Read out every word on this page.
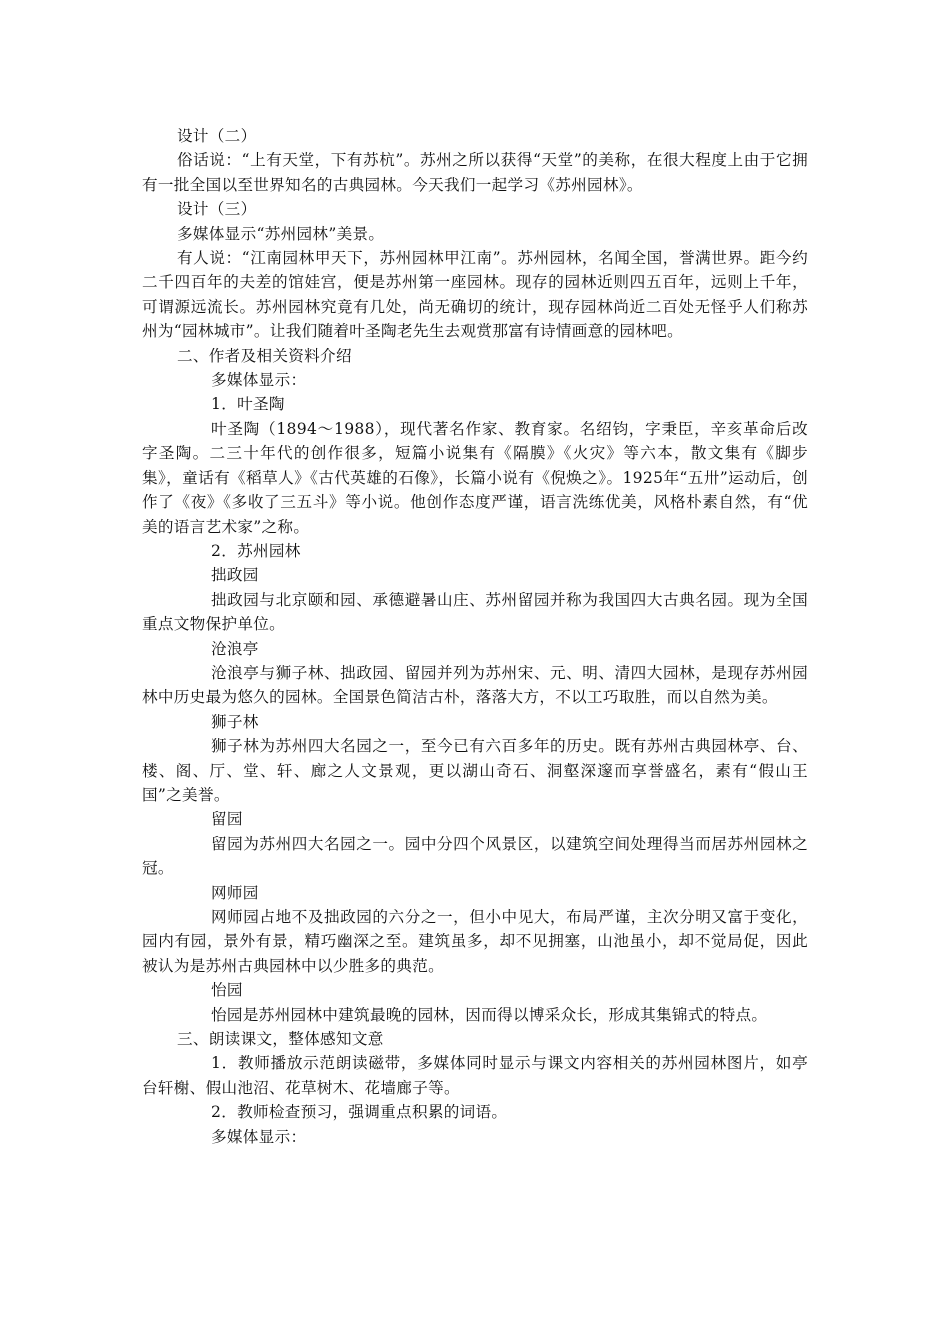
设计（二）

俗话说：“上有天堂，下有苏杭”。苏州之所以获得“天堂”的美称，在很大程度上由于它拥有一批全国以至世界知名的古典园林。今天我们一起学习《苏州园林》。

设计（三）

多媒体显示“苏州园林”美景。

有人说：“江南园林甲天下，苏州园林甲江南”。苏州园林，名闻全国，誉满世界。距今约二千四百年的夫差的馆娃宫，便是苏州第一座园林。现存的园林近则四五百年，远则上千年，可谓源远流长。苏州园林究竟有几处，尚无确切的统计，现存园林尚近二百处无怪乎人们称苏州为“园林城市”。让我们随着叶圣陶老先生去观赏那富有诗情画意的园林吧。

二、作者及相关资料介绍

多媒体显示：

1．叶圣陶

叶圣陶（1894～1988），现代著名作家、教育家。名绍钧，字秉臣，辛亥革命后改字圣陶。二三十年代的创作很多，短篇小说集有《隔膜》《火灾》等六本，散文集有《脚步集》，童话有《稻草人》《古代英雄的石像》，长篇小说有《倪焕之》。1925年“五卅”运动后，创作了《夜》《多收了三五斗》等小说。他创作态度严谨，语言洗练优美，风格朴素自然，有“优美的语言艺术家”之称。

2．苏州园林

拙政园

拙政园与北京颐和园、承德避暑山庄、苏州留园并称为我国四大古典名园。现为全国重点文物保护单位。

沧浪亭

沧浪亭与狮子林、拙政园、留园并列为苏州宋、元、明、清四大园林，是现存苏州园林中历史最为悠久的园林。全国景色简洁古朴，落落大方，不以工巧取胜，而以自然为美。

狮子林

狮子林为苏州四大名园之一，至今已有六百多年的历史。既有苏州古典园林亭、台、楼、阁、厅、堂、轩、廊之人文景观，更以湖山奇石、洞壑深邃而享誉盛名，素有“假山王国”之美誉。

留园

留园为苏州四大名园之一。园中分四个风景区，以建筑空间处理得当而居苏州园林之冠。

网师园

网师园占地不及拙政园的六分之一，但小中见大，布局严谨，主次分明又富于变化，园内有园，景外有景，精巧幽深之至。建筑虽多，却不见拥塞，山池虽小，却不觉局促，因此被认为是苏州古典园林中以少胜多的典范。

怡园

怡园是苏州园林中建筑最晚的园林，因而得以博采众长，形成其集锦式的特点。

三、朗读课文，整体感知文意

1．教师播放示范朗读磁带，多媒体同时显示与课文内容相关的苏州园林图片，如亭台轩榭、假山池沼、花草树木、花墙廊子等。

2．教师检查预习，强调重点积累的词语。

多媒体显示：
